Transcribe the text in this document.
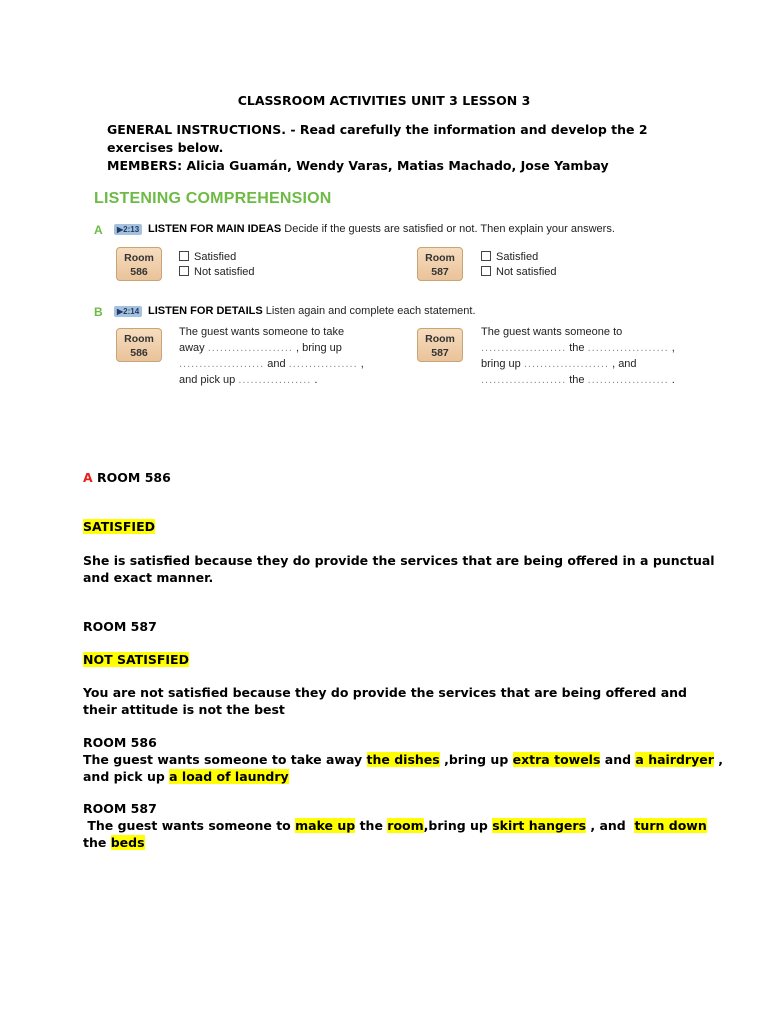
CLASSROOM ACTIVITIES UNIT 3 LESSON 3
GENERAL INSTRUCTIONS. - Read carefully the information and develop the 2 exercises below.
MEMBERS: Alicia Guamán, Wendy Varas, Matias Machado, Jose Yambay
LISTENING COMPREHENSION
A	▶2:13 LISTEN FOR MAIN IDEAS Decide if the guests are satisfied or not. Then explain your answers.
Room
586
Satisfied
Not satisfied
Room
587
Satisfied
Not satisfied
B	▶2:14 LISTEN FOR DETAILS Listen again and complete each statement.
Room
586
The guest wants someone to take
away ..................... , bring up
..................... and ................. ,
and pick up .................. .
Room
587
The guest wants someone to
..................... the .................... ,
bring up ..................... , and
..................... the .................... .
A ROOM 586
SATISFIED
She is satisfied because they do provide the services that are being offered in a punctual and exact manner.
ROOM 587
NOT SATISFIED
You are not satisfied because they do provide the services that are being offered and their attitude is not the best
ROOM 586
The guest wants someone to take away the dishes ,bring up extra towels and a hairdryer , and pick up a load of laundry
ROOM 587
The guest wants someone to make up the room,bring up skirt hangers , and  turn down the beds
